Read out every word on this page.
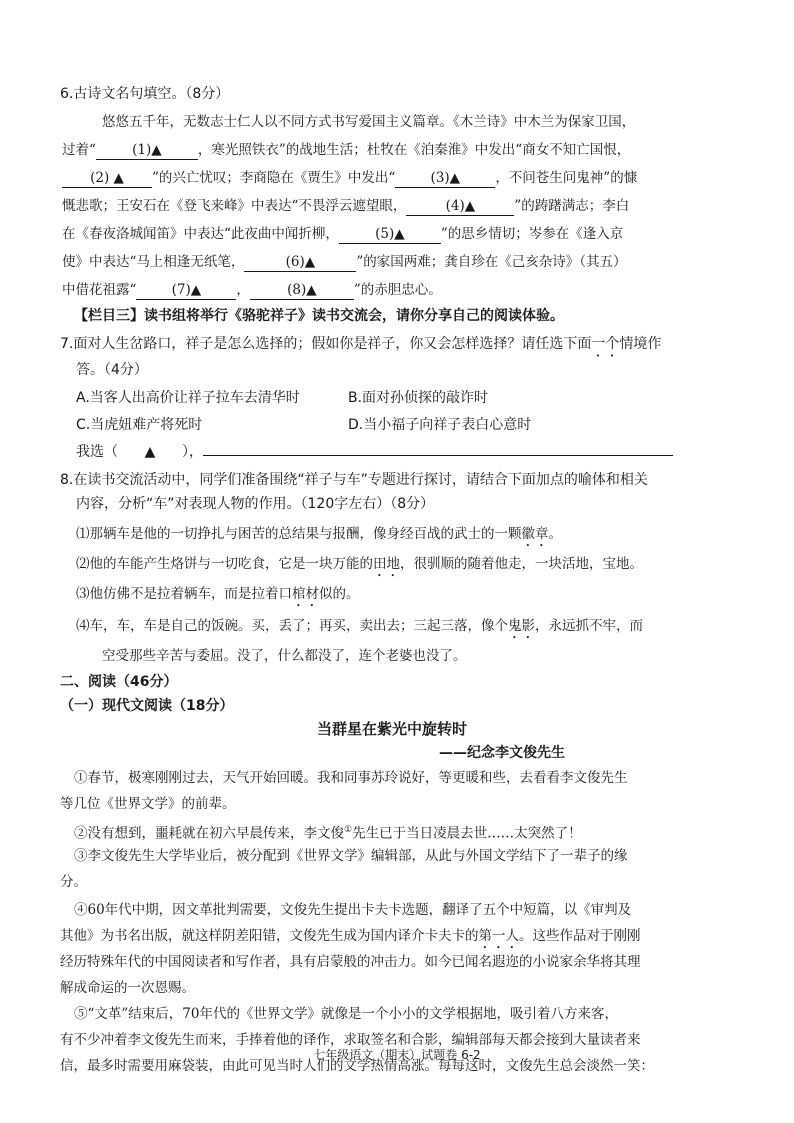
6.古诗文名句填空。（8分）
悠悠五千年，无数志士仁人以不同方式书写爱国主义篇章。《木兰诗》中木兰为保家卫国，
过着“	(1)▲	，寒光照铁衣”的战地生活；杜牧在《泊秦淮》中发出“商女不知亡国恨，
(2) ▲ ”的兴亡忧叹；李商隐在《贾生》中发出“	(3)▲	，不问苍生问鬼神”的慷
慨悲歌；王安石在《登飞来峰》中表达“不畏浮云遮望眼，	(4)▲	”的踌躇满志；李白
在《春夜洛城闻笛》中表达“此夜曲中闻折柳，	(5)▲	”的思乡情切；岑参在《逢入京
使》中表达“马上相逢无纸笔，	(6)▲	”的家国两难；龚自珍在《己亥杂诗》（其五）
中借花祖露“	(7)▲	，	(8)▲	”的赤胆忠心。
【栏目三】读书组将举行《骆驼祥子》读书交流会，请你分享自己的阅读体验。
7.面对人生岔路口，祥子是怎么选择的；假如你是祥子，你又会怎样选择？请任选下面一个情境作
答。（4分）
A.当客人出高价让祥子拉车去清华时	B.面对孙侦探的敲诈时
C.当虎妞难产将死时	D.当小福子向祥子表白心意时
我选（ ▲ ），
8.在读书交流活动中，同学们准备围绕“祥子与车”专题进行探讨，请结合下面加点的喻体和相关
内容，分析“车”对表现人物的作用。（120字左右）（8分）
⑴那辆车是他的一切挣扎与困苦的总结果与报酬，像身经百战的武士的一颗徽章。
⑵他的车能产生烙饼与一切吃食，它是一块万能的田地，很驯顺的随着他走，一块活地，宝地。
⑶他仿佛不是拉着辆车，而是拉着口棺材似的。
⑷车，车，车是自己的饭碗。买，丢了；再买，卖出去；三起三落，像个鬼影，永远抓不牢，而
空受那些辛苦与委屈。没了，什么都没了，连个老婆也没了。
二、阅读（46分）
（一）现代文阅读（18分）
当群星在紫光中旋转时
——纪念李文俊先生
①春节，极寒刚刚过去，天气开始回暖。我和同事苏玲说好，等更暖和些，去看看李文俊先生
等几位《世界文学》的前辈。
②没有想到，噩耗就在初六早晨传来，李文俊①先生已于当日凌晨去世……太突然了！
③李文俊先生大学毕业后，被分配到《世界文学》编辑部，从此与外国文学结下了一辈子的缘
分。
④60年代中期，因文革批判需要，文俊先生提出卡夫卡选题，翻译了五个中短篇，以《审判及
其他》为书名出版，就这样阴差阳错，文俊先生成为国内译介卡夫卡的第一人。这些作品对于刚刚
经历特殊年代的中国阅读者和写作者，具有启蒙般的冲击力。如今已闻名遐迩的小说家余华将其理
解成命运的一次恩赐。
⑤“文革”结束后，70年代的《世界文学》就像是一个小小的文学根据地，吸引着八方来客，
有不少冲着李文俊先生而来，手捧着他的译作，求取签名和合影，编辑部每天都会接到大量读者来
信，最多时需要用麻袋装，由此可见当时人们的文学热情高涨。每每这时，文俊先生总会淡然一笑：
七年级语文（期末）试题卷 6-2
